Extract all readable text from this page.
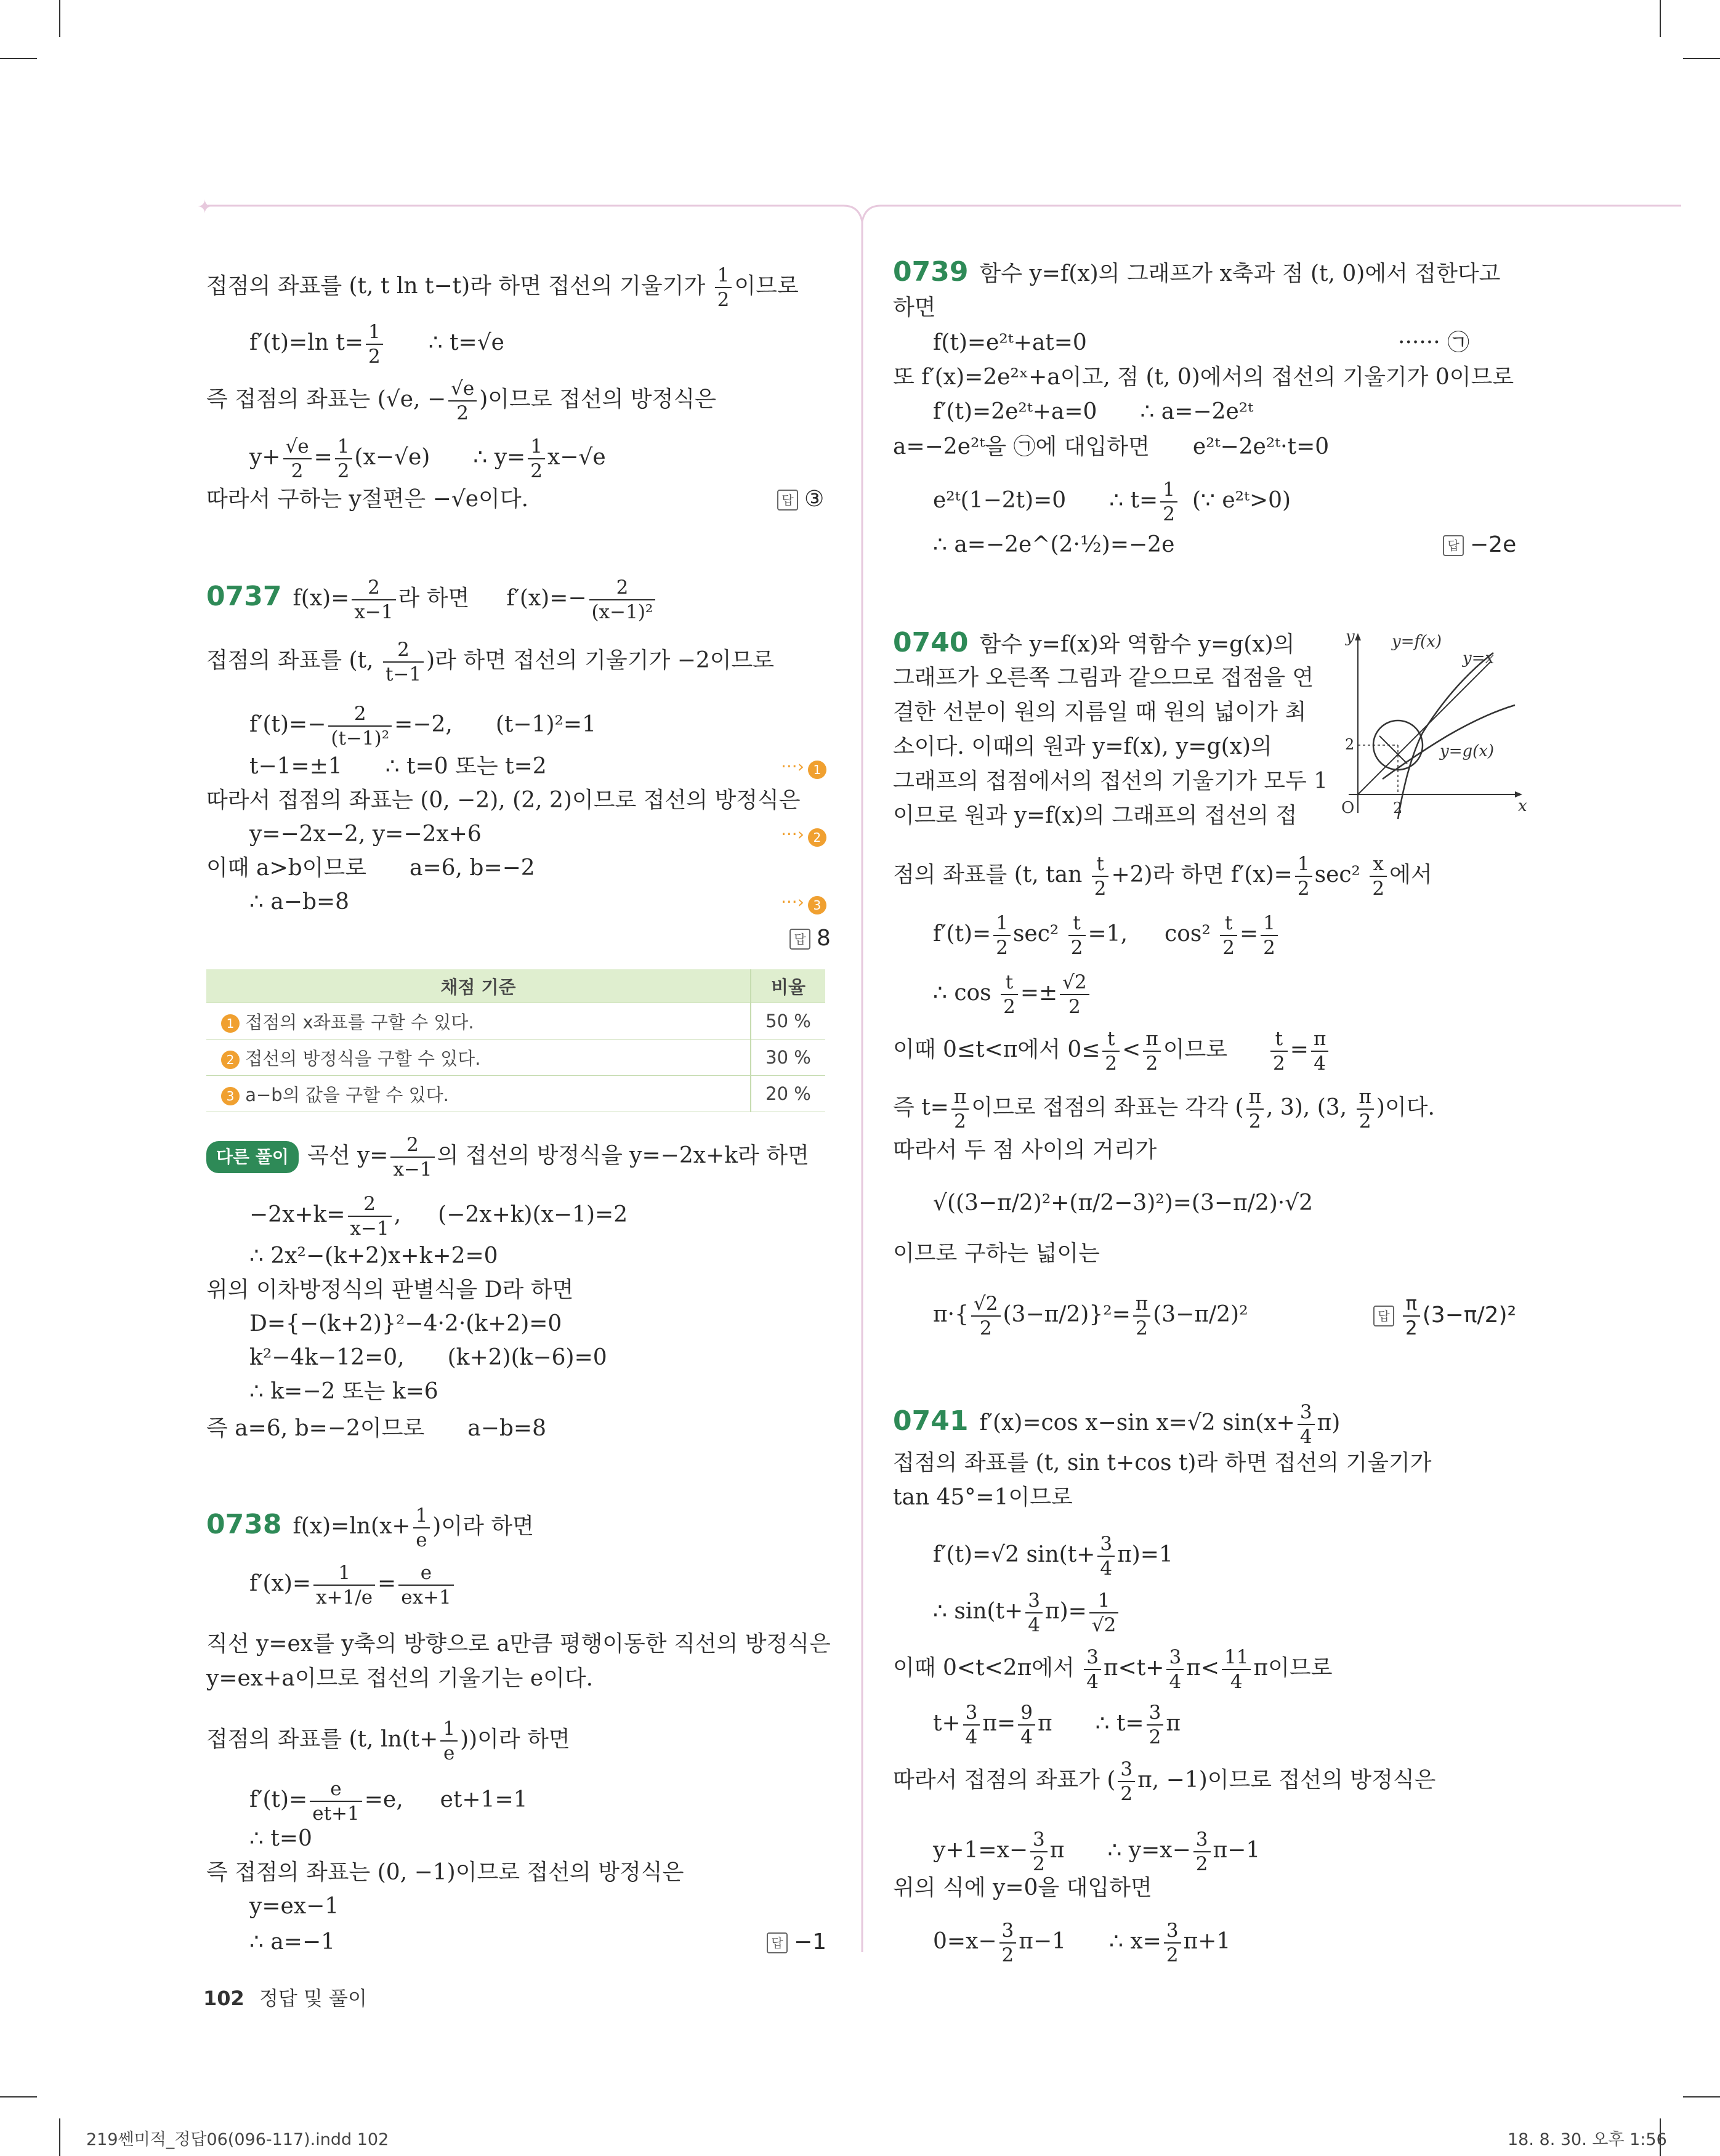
✦
접점의 좌표를 (t, t ln t−t)라 하면 접선의 기울기가 $\frac{1}{2}$ 이므로
f′(t)=ln $t= \frac{1}{2}$ ∴ t=√e
즉 접점의 좌표는 (√e, − $\frac{√e}{2}$ )이므로 접선의 방정식은
$y+ \frac{√e}{2} = \frac{1}{2} (x-√e)$ ∴ $y= \frac{1}{2} x-√e$
따라서 구하는 y절편은 −√e이다.	답 ③
0737 $f(x)= \frac{2}{x-1}$ 라 하면 $f'(x)=- \frac{2}{\text{(x−1)²}}$
접점의 좌표를 (t, $\frac{2}{t-1}$ )라 하면 접선의 기울기가 −2이므로
$f'(t)=- \frac{2}{\text{(t−1)²}} =-2$, (t−1)²=1
t−1=±1 ∴ t=0 또는 t=2	···› 1
따라서 접점의 좌표는 (0, −2), (2, 2)이므로 접선의 방정식은
y=−2x−2, y=−2x+6	···› 2
이때 a>b이므로 a=6, b=−2
∴ a−b=8	···› 3
답 8
채점 기준	비율
1 접점의 x좌표를 구할 수 있다.	50 %
2 접선의 방정식을 구할 수 있다.	30 %
3 a−b의 값을 구할 수 있다.	20 %
다른 풀이 곡선 $y= \frac{2}{x-1}$ 의 접선의 방정식을 y=−2x+k라 하면
$-2x+k= \frac{2}{x-1}$ , (−2x+k)(x−1)=2
∴ 2x²−(k+2)x+k+2=0
위의 이차방정식의 판별식을 D라 하면
D={−(k+2)}²−4·2·(k+2)=0
k²−4k−12=0, (k+2)(k−6)=0
∴ k=−2 또는 k=6
즉 a=6, b=−2이므로 a−b=8
0738 $f(x)=\ln(x+ \frac{1}{e}$ )이라 하면
$f'(x)= \frac{1}{x+1/e} = \frac{e}{ex+1}$
직선 y=ex를 y축의 방향으로 a만큼 평행이동한 직선의 방정식은
y=ex+a이므로 접선의 기울기는 e이다.
접점의 좌표를 (t, $\ln(t+ \frac{1}{e}$ ))이라 하면
$f'(t)= \frac{e}{et+1} =e$, et+1=1
∴ t=0
즉 접점의 좌표는 (0, −1)이므로 접선의 방정식은
y=ex−1
∴ a=−1	답 −1
0739 함수 y=f(x)의 그래프가 x축과 점 (t, 0)에서 접한다고
하면
f(t)=e²ᵗ+at=0	······ ㉠
또 f′(x)=2e²ˣ+a이고, 점 (t, 0)에서의 접선의 기울기가 0이므로
f′(t)=2e²ᵗ+a=0 ∴ a=−2e²ᵗ
a=−2e²ᵗ을 ㉠에 대입하면 e²ᵗ−2e²ᵗ·t=0
e²ᵗ(1−2t)=0 ∴ $t= \frac{1}{2}$ (∵ e²ᵗ>0)
∴ a=−2e^(2·½)=−2e	답 −2e
0740 함수 y=f(x)와 역함수 y=g(x)의
그래프가 오른쪽 그림과 같으므로 접점을 연
결한 선분이 원의 지름일 때 원의 넓이가 최
소이다. 이때의 원과 y=f(x), y=g(x)의
그래프의 접점에서의 접선의 기울기가 모두 1
이므로 원과 y=f(x)의 그래프의 접선의 접
y
x
O
2
2
y=f(x)
y=x
y=g(x)
점의 좌표를 (t, $\tan \frac{t}{2} +2$)라 하면 $f'(x)= \frac{1}{2} \sec^2 \frac{x}{2}$ 에서
$f'(t)= \frac{1}{2} \sec^2 \frac{t}{2} =1$, $\cos^2 \frac{t}{2} = \frac{1}{2}$
∴ $\cos \frac{t}{2} =\pm \frac{√2}{2}$
이때 0≤t<π에서 $0\le \frac{t}{2} < \frac{\pi}{2}$ 이므로 $\frac{t}{2} = \frac{\pi}{4}$
즉 $t= \frac{\pi}{2}$ 이므로 접점의 좌표는 각각 ( $\frac{\pi}{2}$ , 3), (3, $\frac{\pi}{2}$ )이다.
따라서 두 점 사이의 거리가
√((3−π/2)²+(π/2−3)²)=(3−π/2)·√2
이므로 구하는 넓이는
$\pi\cdot\{ \frac{√2}{2} (3-\pi/2)\}^2= \frac{\pi}{2} (3-\pi/2)^2$	답 $\frac{\pi}{2} (3-\pi/2)^2$
0741 f′(x)=cos x−sin x=√2 $\sin(x+ \frac{3}{4} \pi)$
접점의 좌표를 (t, sin t+cos t)라 하면 접선의 기울기가
tan 45°=1이므로
f′(t)=√2 $\sin(t+ \frac{3}{4} \pi)=1$
∴ $\sin(t+ \frac{3}{4} \pi)= \frac{1}{√2}$
이때 0<t<2π에서 $\frac{3}{4} \pi<t+ \frac{3}{4} \pi< \frac{11}{4}$ π이므로
$t+ \frac{3}{4} \pi= \frac{9}{4}$ π ∴ $t= \frac{3}{2}$ π
따라서 접점의 좌표가 ( $\frac{3}{2} \pi$, −1)이므로 접선의 방정식은
$y+1=x- \frac{3}{2}$ π ∴ $y=x- \frac{3}{2} \pi-1$
위의 식에 y=0을 대입하면
$0=x- \frac{3}{2} \pi-1$ ∴ $x= \frac{3}{2} \pi+1$
102 정답 및 풀이
219쎈미적_정답06(096-117).indd 102	18. 8. 30. 오후 1:56
